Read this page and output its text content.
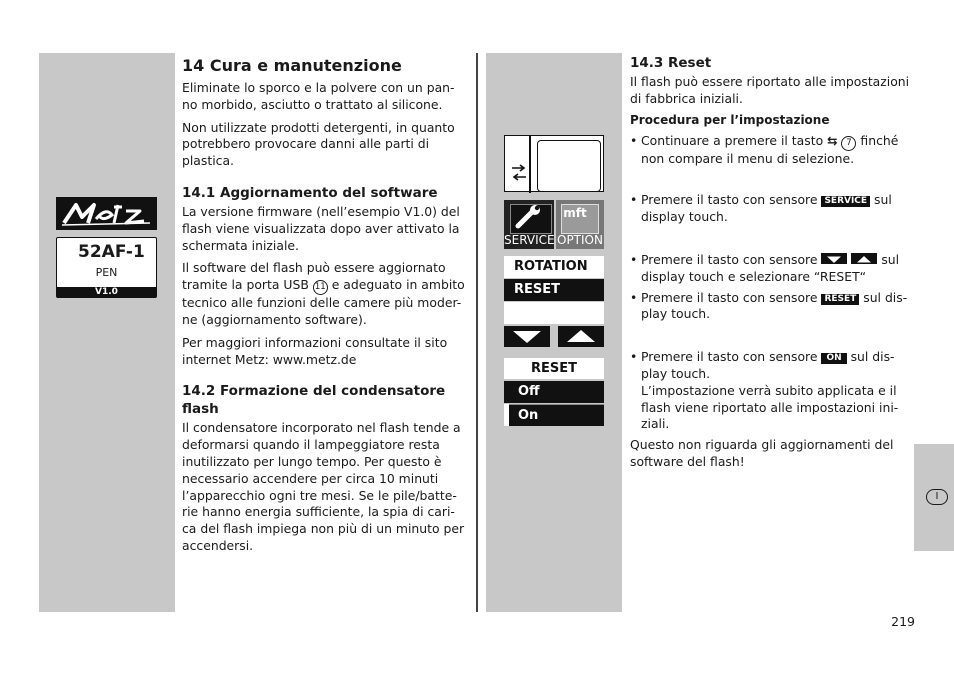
I
52AF-1
PEN
V1.0
14 Cura e manutenzione

Eliminate lo sporco e la polvere con un pan-no morbido, asciutto o trattato al silicone.

Non utilizzate prodotti detergenti, in quanto potrebbero provocare danni alle parti di plastica.

14.1 Aggiornamento del software

La versione firmware (nell’esempio V1.0) del flash viene visualizzata dopo aver attivato la schermata iniziale.

Il software del flash può essere aggiornato tramite la porta USB 11 e adeguato in ambito tecnico alle funzioni delle camere più moder-ne (aggiornamento software).

Per maggiori informazioni consultate il sito internet Metz: www.metz.de

14.2 Formazione del condensatore flash

Il condensatore incorporato nel flash tende a deformarsi quando il lampeggiatore resta inutilizzato per lungo tempo. Per questo è necessario accendere per circa 10 minuti l’apparecchio ogni tre mesi. Se le pile/batte-rie hanno energia sufficiente, la spia di cari-ca del flash impiega non più di un minuto per accendersi.

SERVICE
mft
OPTION
ROTATION
RESET
RESET
Off
On
14.3 Reset

Il flash può essere riportato alle impostazioni di fabbrica iniziali.

Procedura per l’impostazione
• Continuare a premere il tasto ⇆ 7 finché non compare il menu di selezione.
• Premere il tasto con sensore SERVICE sul display touch.
• Premere il tasto con sensore	sul display touch e selezionare “RESET“
• Premere il tasto con sensore RESET sul dis-play touch.
• Premere il tasto con sensore ON sul dis-play touch.
L’impostazione verrà subito applicata e il flash viene riportato alle impostazioni ini-ziali.

Questo non riguarda gli aggiornamenti del software del flash!

219
